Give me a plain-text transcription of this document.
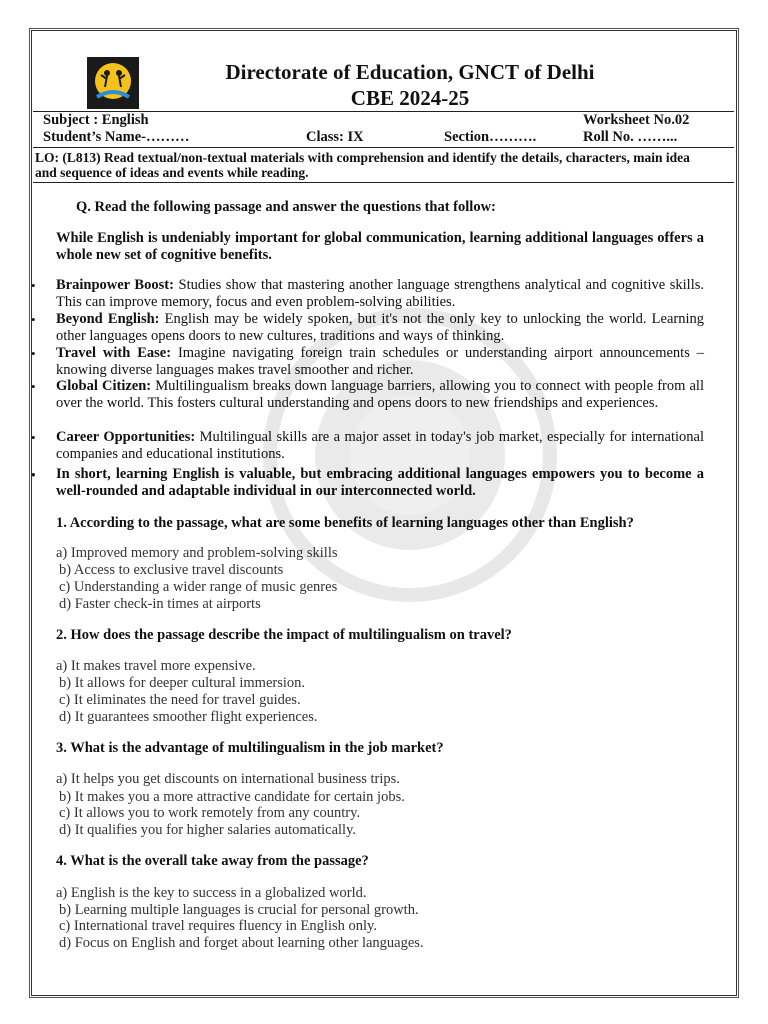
Directorate of Education, GNCT of Delhi
CBE 2024-25
Subject : English	Worksheet No.02
Student’s Name-………	Class: IX	Section……….	Roll No. ……...
LO: (L813) Read textual/non-textual materials with comprehension and identify the details, characters, main idea and sequence of ideas and events while reading.
Q. Read the following passage and answer the questions that follow:
While English is undeniably important for global communication, learning additional languages offers a whole new set of cognitive benefits.
• Brainpower Boost: Studies show that mastering another language strengthens analytical and cognitive skills. This can improve memory, focus and even problem-solving abilities.
• Beyond English: English may be widely spoken, but it's not the only key to unlocking the world. Learning other languages opens doors to new cultures, traditions and ways of thinking.
• Travel with Ease: Imagine navigating foreign train schedules or understanding airport announcements – knowing diverse languages makes travel smoother and richer.
• Global Citizen: Multilingualism breaks down language barriers, allowing you to connect with people from all over the world. This fosters cultural understanding and opens doors to new friendships and experiences.
• Career Opportunities: Multilingual skills are a major asset in today's job market, especially for international companies and educational institutions.
• In short, learning English is valuable, but embracing additional languages empowers you to become a well-rounded and adaptable individual in our interconnected world.
1. According to the passage, what are some benefits of learning languages other than English?
a) Improved memory and problem-solving skills
b) Access to exclusive travel discounts
c) Understanding a wider range of music genres
d) Faster check-in times at airports
2. How does the passage describe the impact of multilingualism on travel?
a) It makes travel more expensive.
b) It allows for deeper cultural immersion.
c) It eliminates the need for travel guides.
d) It guarantees smoother flight experiences.
3. What is the advantage of multilingualism in the job market?
a) It helps you get discounts on international business trips.
b) It makes you a more attractive candidate for certain jobs.
c) It allows you to work remotely from any country.
d) It qualifies you for higher salaries automatically.
4. What is the overall take away from the passage?
a) English is the key to success in a globalized world.
b) Learning multiple languages is crucial for personal growth.
c) International travel requires fluency in English only.
d) Focus on English and forget about learning other languages.
